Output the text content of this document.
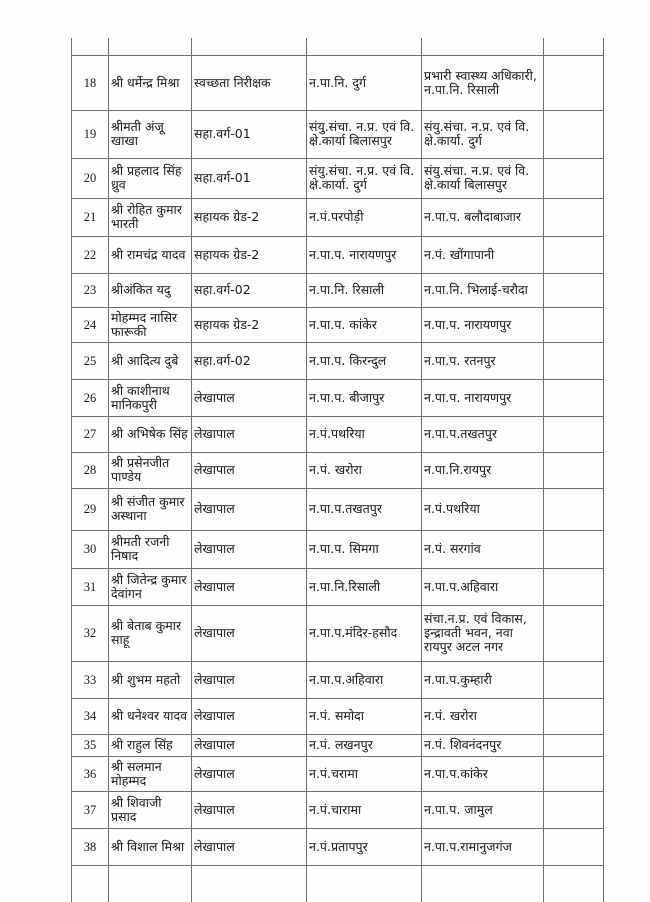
18	श्री धर्मेन्द्र मिश्रा	स्वच्छता निरीक्षक	न.पा.नि. दुर्ग	प्रभारी स्वास्थ्य अधिकारी, न.पा.नि. रिसाली	
19	श्रीमती अंजू खाखा	सहा.वर्ग-01	संयु.संचा. न.प्र. एवं वि. क्षे.कार्या बिलासपुर	संयु.संचा. न.प्र. एवं वि. क्षे.कार्या. दुर्ग	
20	श्री प्रहलाद सिंह ध्रुव	सहा.वर्ग-01	संयु.संचा. न.प्र. एवं वि. क्षे.कार्या. दुर्ग	संयु.संचा. न.प्र. एवं वि. क्षे.कार्या बिलासपुर	
21	श्री रोहित कुमार भारती	सहायक ग्रेड-2	न.पं.परपोड़ी	न.पा.प. बलौदाबाजार	
22	श्री रामचंद्र यादव	सहायक ग्रेड-2	न.पा.प. नारायणपुर	न.पं. खोंगापानी	
23	श्रीअंकित यदु	सहा.वर्ग-02	न.पा.नि. रिसाली	न.पा.नि. भिलाई-चरौदा	
24	मोहम्मद नासिर फारूकी	सहायक ग्रेड-2	न.पा.प. कांकेर	न.पा.प. नारायणपुर	
25	श्री आदित्य दुबे	सहा.वर्ग-02	न.पा.प. किरन्दुल	न.पा.प. रतनपुर	
26	श्री काशीनाथ मानिकपुरी	लेखापाल	न.पा.प. बीजापुर	न.पा.प. नारायणपुर	
27	श्री अभिषेक सिंह	लेखापाल	न.पं.पथरिया	न.पा.प.तखतपुर	
28	श्री प्रसेनजीत पाण्डेय	लेखापाल	न.पं. खरोरा	न.पा.नि.रायपुर	
29	श्री संजीत कुमार अस्थाना	लेखापाल	न.पा.प.तखतपुर	न.पं.पथरिया	
30	श्रीमती रजनी निषाद	लेखापाल	न.पा.प. सिमगा	न.पं. सरगांव	
31	श्री जितेन्द्र कुमार देवांगन	लेखापाल	न.पा.नि.रिसाली	न.पा.प.अहिवारा	
32	श्री बेताब कुमार साहू	लेखापाल	न.पा.प.मंदिर-हसौद	संचा.न.प्र. एवं विकास, इन्द्रावती भवन, नवा रायपुर अटल नगर	
33	श्री शुभम महतो	लेखापाल	न.पा.प.अहिवारा	न.पा.प.कुम्हारी	
34	श्री धनेश्वर यादव	लेखापाल	न.पं. समोदा	न.पं. खरोरा	
35	श्री राहुल सिंह	लेखापाल	न.पं. लखनपुर	न.पं. शिवनंदनपुर	
36	श्री सलमान मोहम्मद	लेखापाल	न.पं.चरामा	न.पा.प.कांकेर	
37	श्री शिवाजी प्रसाद	लेखापाल	न.पं.चारामा	न.पा.प. जामुल	
38	श्री विशाल मिश्रा	लेखापाल	न.पं.प्रतापपुर	न.पा.प.रामानुजगंज	
